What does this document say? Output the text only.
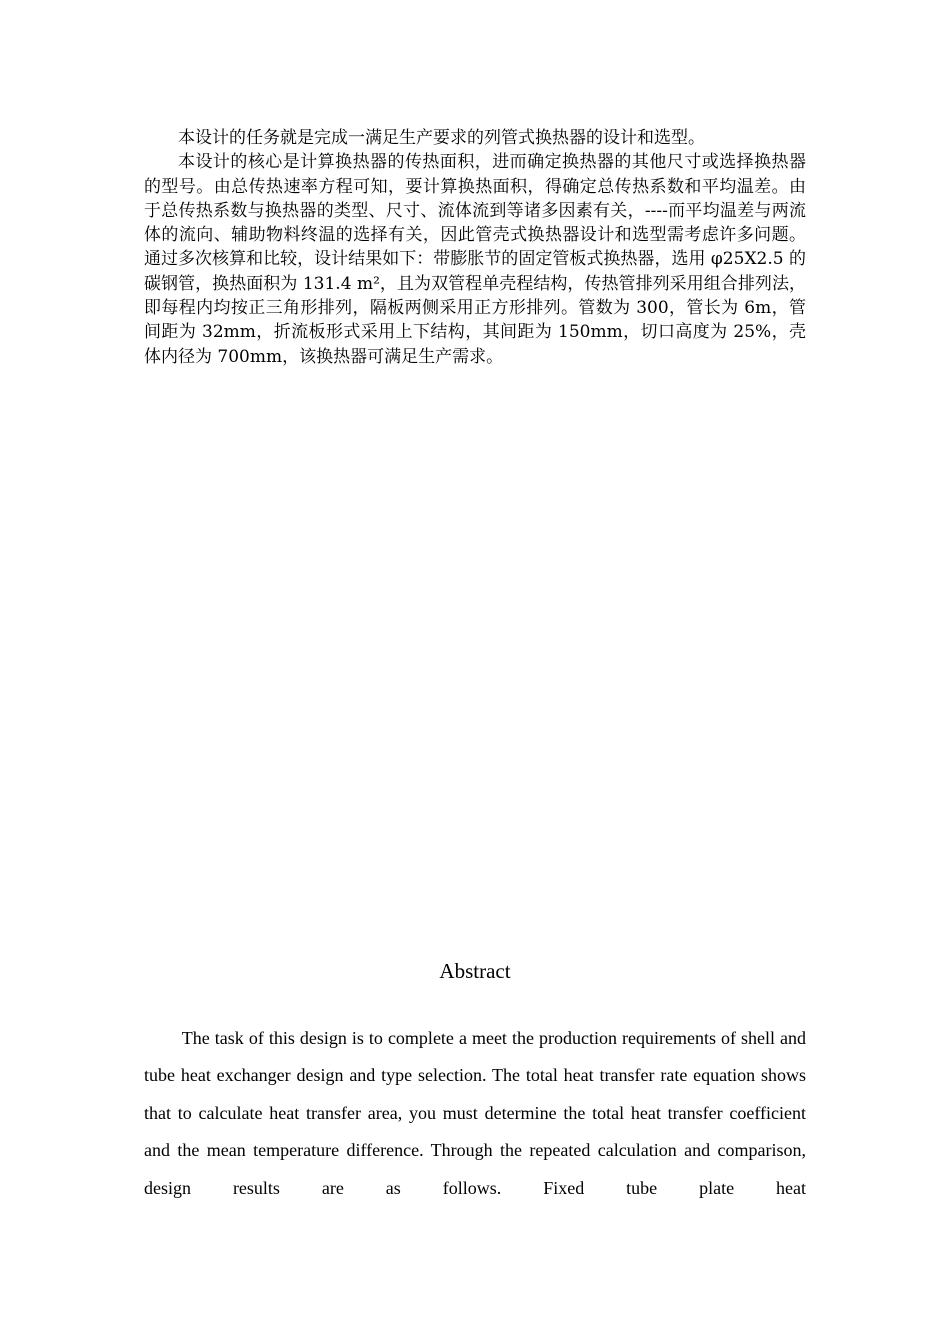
本设计的任务就是完成一满足生产要求的列管式换热器的设计和选型。

本设计的核心是计算换热器的传热面积，进而确定换热器的其他尺寸或选择换热器的型号。由总传热速率方程可知，要计算换热面积，得确定总传热系数和平均温差。由于总传热系数与换热器的类型、尺寸、流体流到等诸多因素有关，----而平均温差与两流体的流向、辅助物料终温的选择有关，因此管壳式换热器设计和选型需考虑许多问题。通过多次核算和比较，设计结果如下：带膨胀节的固定管板式换热器，选用 φ25X2.5 的碳钢管，换热面积为 131.4 m²，且为双管程单壳程结构，传热管排列采用组合排列法，即每程内均按正三角形排列，隔板两侧采用正方形排列。管数为 300，管长为 6m，管间距为 32mm，折流板形式采用上下结构，其间距为 150mm，切口高度为 25%，壳体内径为 700mm，该换热器可满足生产需求。

Abstract

The task of this design is to complete a meet the production requirements of shell and tube heat exchanger design and type selection. The total heat transfer rate equation shows that to calculate heat transfer area, you must determine the total heat transfer coefficient and the mean temperature difference. Through the repeated calculation and comparison, design results are as follows. Fixed tube plate heat
